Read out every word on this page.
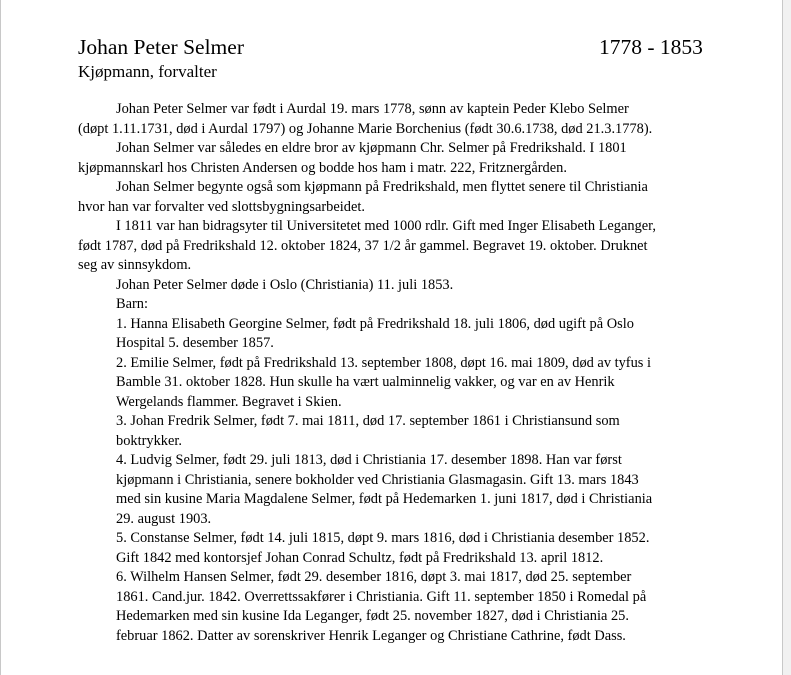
Johan Peter Selmer	1778 - 1853
Kjøpmann, forvalter
Johan Peter Selmer var født i Aurdal 19. mars 1778, sønn av kaptein Peder Klebo Selmer
(døpt 1.11.1731, død i Aurdal 1797) og Johanne Marie Borchenius (født 30.6.1738, død 21.3.1778).
Johan Selmer var således en eldre bror av kjøpmann Chr. Selmer på Fredrikshald. I 1801
kjøpmannskarl hos Christen Andersen og bodde hos ham i matr. 222, Fritznergården.
Johan Selmer begynte også som kjøpmann på Fredrikshald, men flyttet senere til Christiania
hvor han var forvalter ved slottsbygningsarbeidet.
I 1811 var han bidragsyter til Universitetet med 1000 rdlr. Gift med Inger Elisabeth Leganger,
født 1787, død på Fredrikshald 12. oktober 1824, 37 1/2 år gammel. Begravet 19. oktober. Druknet
seg av sinnsykdom.
Johan Peter Selmer døde i Oslo (Christiania) 11. juli 1853.
Barn:
1. Hanna Elisabeth Georgine Selmer, født på Fredrikshald 18. juli 1806, død ugift på Oslo
Hospital 5. desember 1857.
2. Emilie Selmer, født på Fredrikshald 13. september 1808, døpt 16. mai 1809, død av tyfus i
Bamble 31. oktober 1828. Hun skulle ha vært ualminnelig vakker, og var en av Henrik
Wergelands flammer. Begravet i Skien.
3. Johan Fredrik Selmer, født 7. mai 1811, død 17. september 1861 i Christiansund som
boktrykker.
4. Ludvig Selmer, født 29. juli 1813, død i Christiania 17. desember 1898. Han var først
kjøpmann i Christiania, senere bokholder ved Christiania Glasmagasin. Gift 13. mars 1843
med sin kusine Maria Magdalene Selmer, født på Hedemarken 1. juni 1817, død i Christiania
29. august 1903.
5. Constanse Selmer, født 14. juli 1815, døpt 9. mars 1816, død i Christiania desember 1852.
Gift 1842 med kontorsjef Johan Conrad Schultz, født på Fredrikshald 13. april 1812.
6. Wilhelm Hansen Selmer, født 29. desember 1816, døpt 3. mai 1817, død 25. september
1861. Cand.jur. 1842. Overrettssakfører i Christiania. Gift 11. september 1850 i Romedal på
Hedemarken med sin kusine Ida Leganger, født 25. november 1827, død i Christiania 25.
februar 1862. Datter av sorenskriver Henrik Leganger og Christiane Cathrine, født Dass.
